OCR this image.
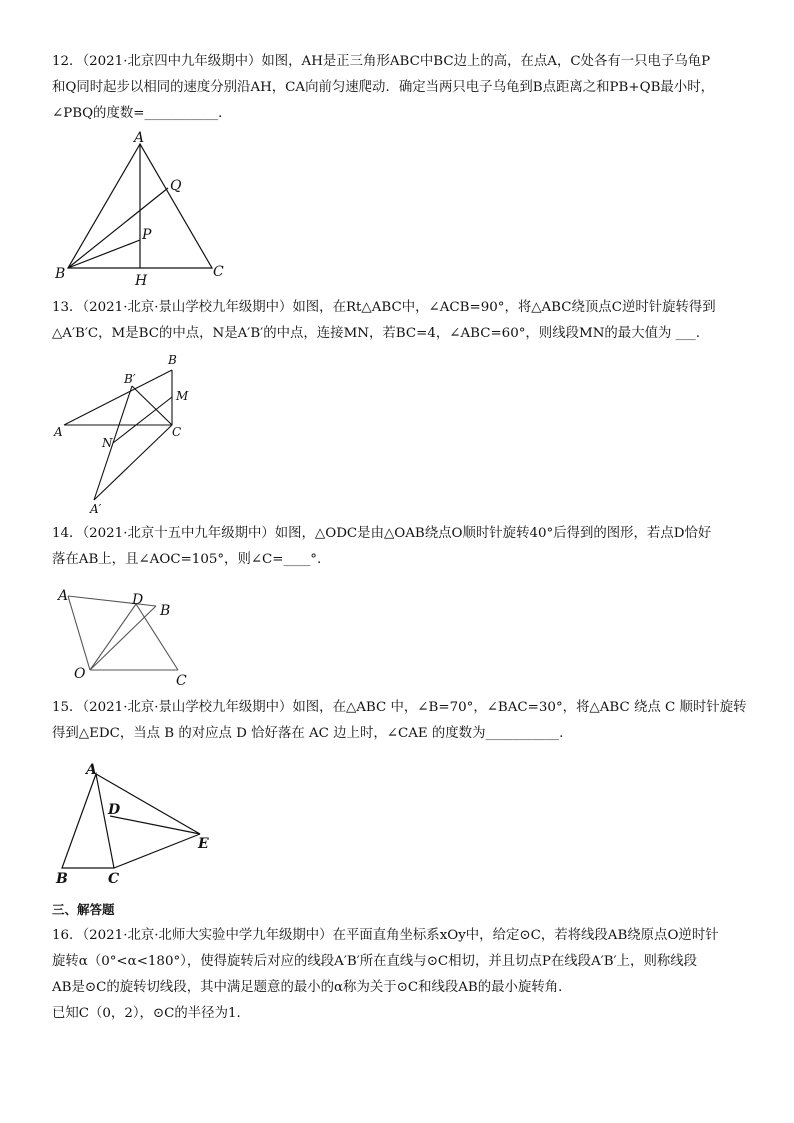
12．（2021·北京四中九年级期中）如图，AH是正三角形ABC中BC边上的高，在点A，C处各有一只电子乌龟P
和Q同时起步以相同的速度分别沿AH，CA向前匀速爬动．确定当两只电子乌龟到B点距离之和PB+QB最小时，
∠PBQ的度数=___________．
A
Q
P
B	H
C
13．（2021·北京·景山学校九年级期中）如图，在Rt△ABC中，∠ACB=90°，将△ABC绕顶点C逆时针旋转得到
△A′B′C，M是BC的中点，N是A′B′的中点，连接MN，若BC=4，∠ABC=60°，则线段MN的最大值为 ___.
B
B′
M
A
N
C
A′
14．（2021·北京十五中九年级期中）如图，△ODC是由△OAB绕点O顺时针旋转40°后得到的图形，若点D恰好
落在AB上，且∠AOC=105°，则∠C=____°.
A	D
B
O	C
15．（2021·北京·景山学校九年级期中）如图，在△ABC 中，∠B=70°，∠BAC=30°，将△ABC 绕点 C 顺时针旋转
得到△EDC，当点 B 的对应点 D 恰好落在 AC 边上时，∠CAE 的度数为___________.
A
D
E
B	C
三、解答题
16．（2021·北京·北师大实验中学九年级期中）在平面直角坐标系xOy中，给定⊙C，若将线段AB绕原点O逆时针
旋转α（0°<α<180°），使得旋转后对应的线段A′B′所在直线与⊙C相切，并且切点P在线段A′B′上，则称线段
AB是⊙C的旋转切线段，其中满足题意的最小的α称为关于⊙C和线段AB的最小旋转角．
已知C（0，2），⊙C的半径为1．
